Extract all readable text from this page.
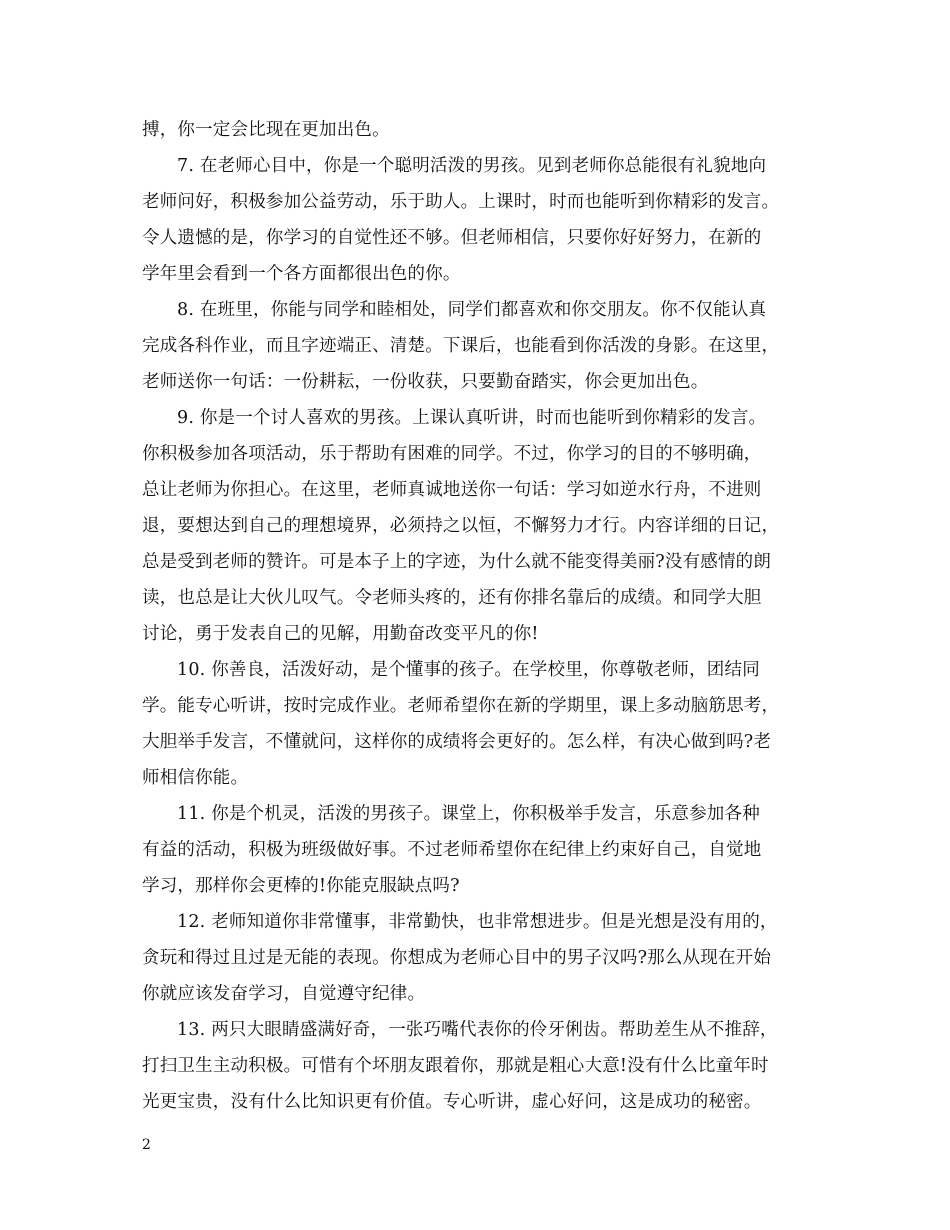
搏，你一定会比现在更加出色。
7. 在老师心目中，你是一个聪明活泼的男孩。见到老师你总能很有礼貌地向
老师问好，积极参加公益劳动，乐于助人。上课时，时而也能听到你精彩的发言。
令人遗憾的是，你学习的自觉性还不够。但老师相信，只要你好好努力，在新的
学年里会看到一个各方面都很出色的你。
8. 在班里，你能与同学和睦相处，同学们都喜欢和你交朋友。你不仅能认真
完成各科作业，而且字迹端正、清楚。下课后，也能看到你活泼的身影。在这里，
老师送你一句话：一份耕耘，一份收获，只要勤奋踏实，你会更加出色。
9. 你是一个讨人喜欢的男孩。上课认真听讲，时而也能听到你精彩的发言。
你积极参加各项活动，乐于帮助有困难的同学。不过，你学习的目的不够明确，
总让老师为你担心。在这里，老师真诚地送你一句话：学习如逆水行舟，不进则
退，要想达到自己的理想境界，必须持之以恒，不懈努力才行。内容详细的日记，
总是受到老师的赞许。可是本子上的字迹，为什么就不能变得美丽?没有感情的朗
读，也总是让大伙儿叹气。令老师头疼的，还有你排名靠后的成绩。和同学大胆
讨论，勇于发表自己的见解，用勤奋改变平凡的你!
10. 你善良，活泼好动，是个懂事的孩子。在学校里，你尊敬老师，团结同
学。能专心听讲，按时完成作业。老师希望你在新的学期里，课上多动脑筋思考，
大胆举手发言，不懂就问，这样你的成绩将会更好的。怎么样，有决心做到吗?老
师相信你能。
11. 你是个机灵，活泼的男孩子。课堂上，你积极举手发言，乐意参加各种
有益的活动，积极为班级做好事。不过老师希望你在纪律上约束好自己，自觉地
学习，那样你会更棒的!你能克服缺点吗?
12. 老师知道你非常懂事，非常勤快，也非常想进步。但是光想是没有用的，
贪玩和得过且过是无能的表现。你想成为老师心目中的男子汉吗?那么从现在开始
你就应该发奋学习，自觉遵守纪律。
13. 两只大眼睛盛满好奇，一张巧嘴代表你的伶牙俐齿。帮助差生从不推辞，
打扫卫生主动积极。可惜有个坏朋友跟着你，那就是粗心大意!没有什么比童年时
光更宝贵，没有什么比知识更有价值。专心听讲，虚心好问，这是成功的秘密。
2
